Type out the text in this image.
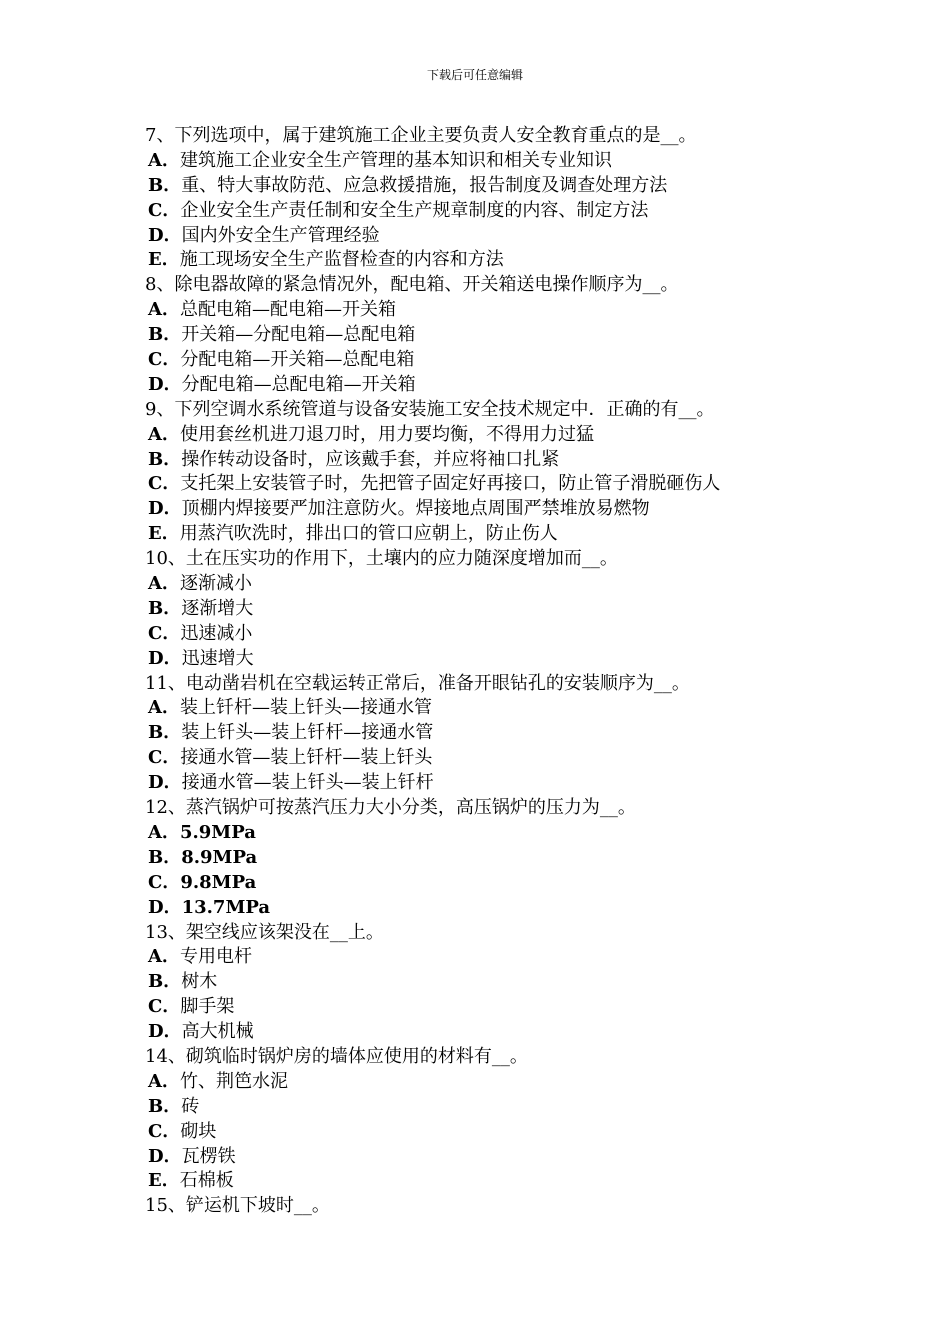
下载后可任意编辑
7、下列选项中，属于建筑施工企业主要负责人安全教育重点的是__。
A．建筑施工企业安全生产管理的基本知识和相关专业知识
B．重、特大事故防范、应急救援措施，报告制度及调查处理方法
C．企业安全生产责任制和安全生产规章制度的内容、制定方法
D．国内外安全生产管理经验
E．施工现场安全生产监督检查的内容和方法
8、除电器故障的紧急情况外，配电箱、开关箱送电操作顺序为__。
A．总配电箱—配电箱—开关箱
B．开关箱—分配电箱—总配电箱
C．分配电箱—开关箱—总配电箱
D．分配电箱—总配电箱—开关箱
9、下列空调水系统管道与设备安装施工安全技术规定中．正确的有__。
A．使用套丝机进刀退刀时，用力要均衡，不得用力过猛
B．操作转动设备时，应该戴手套，并应将袖口扎紧
C．支托架上安装管子时，先把管子固定好再接口，防止管子滑脱砸伤人
D．顶棚内焊接要严加注意防火。焊接地点周围严禁堆放易燃物
E．用蒸汽吹洗时，排出口的管口应朝上，防止伤人
10、土在压实功的作用下，土壤内的应力随深度增加而__。
A．逐渐减小
B．逐渐增大
C．迅速减小
D．迅速增大
11、电动凿岩机在空载运转正常后，准备开眼钻孔的安装顺序为__。
A．装上钎杆—装上钎头—接通水管
B．装上钎头—装上钎杆—接通水管
C．接通水管—装上钎杆—装上钎头
D．接通水管—装上钎头—装上钎杆
12、蒸汽锅炉可按蒸汽压力大小分类，高压锅炉的压力为__。
A．5.9MPa
B．8.9MPa
C．9.8MPa
D．13.7MPa
13、架空线应该架没在__上。
A．专用电杆
B．树木
C．脚手架
D．高大机械
14、砌筑临时锅炉房的墙体应使用的材料有__。
A．竹、荆笆水泥
B．砖
C．砌块
D．瓦楞铁
E．石棉板
15、铲运机下坡时__。
